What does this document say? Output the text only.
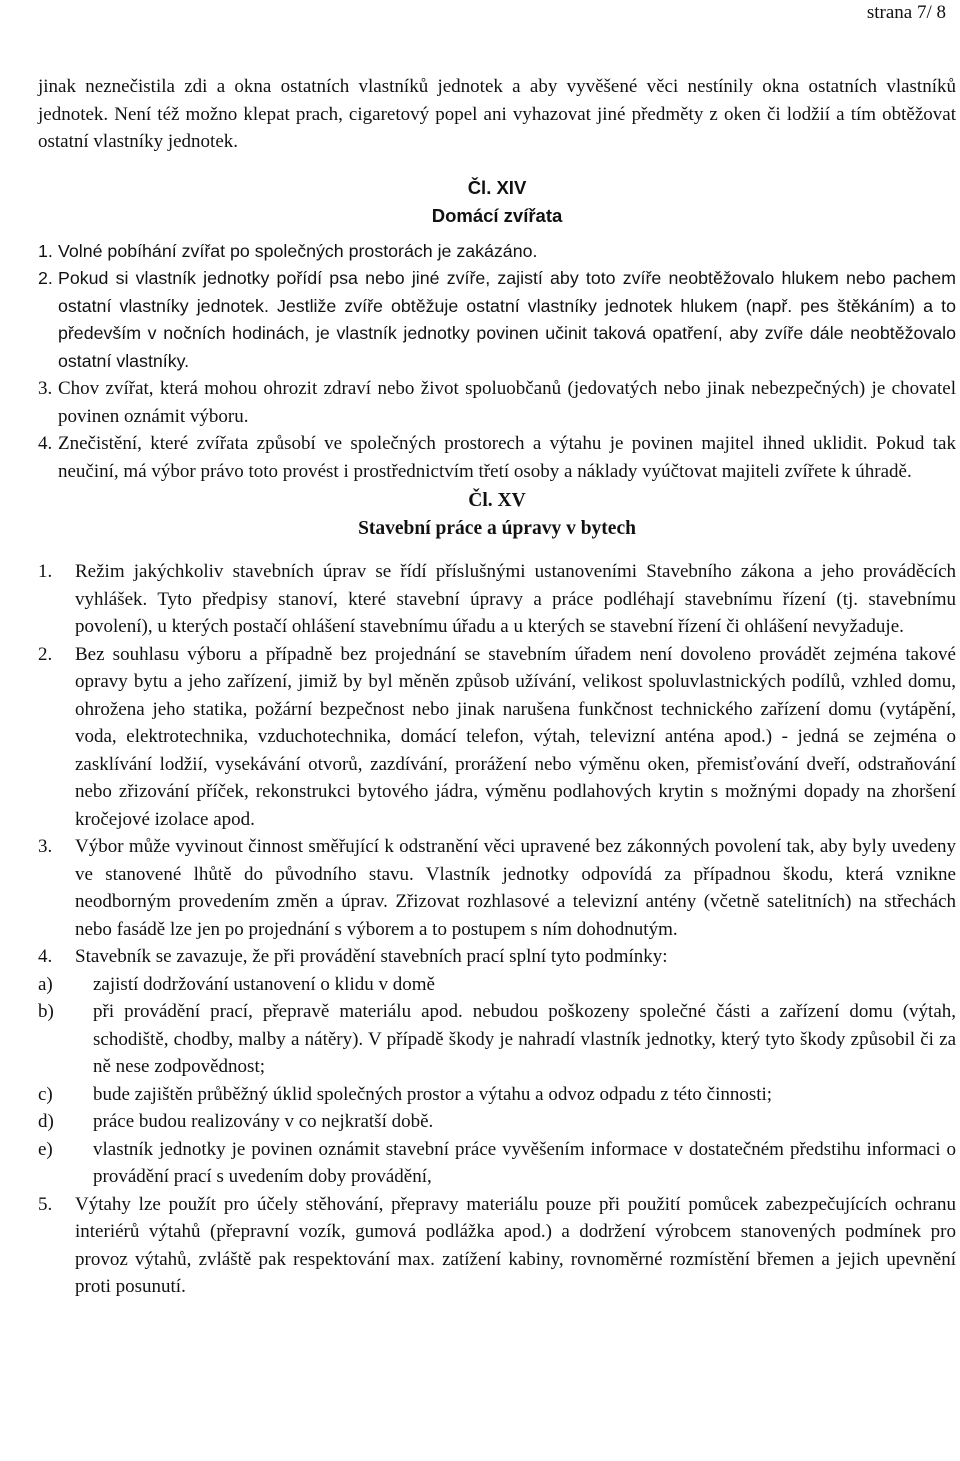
strana 7/ 8

jinak neznečistila zdi a okna ostatních vlastníků jednotek a aby vyvěšené věci nestínily okna ostatních vlastníků jednotek. Není též možno klepat prach, cigaretový popel ani vyhazovat jiné předměty z oken či lodžií a tím obtěžovat ostatní vlastníky jednotek.

Čl. XIV
Domácí zvířata
1. Volné pobíhání zvířat po společných prostorách je zakázáno.
2. Pokud si vlastník jednotky pořídí psa nebo jiné zvíře, zajistí aby toto zvíře neobtěžovalo hlukem nebo pachem ostatní vlastníky jednotek. Jestliže zvíře obtěžuje ostatní vlastníky jednotek hlukem (např. pes štěkáním) a to především v nočních hodinách, je vlastník jednotky povinen učinit taková opatření, aby zvíře dále neobtěžovalo ostatní vlastníky.
3. Chov zvířat, která mohou ohrozit zdraví nebo život spoluobčanů (jedovatých nebo jinak nebezpečných) je chovatel povinen oznámit výboru.
4. Znečistění, které zvířata způsobí ve společných prostorech a výtahu je povinen majitel ihned uklidit. Pokud tak neučiní, má výbor právo toto provést i prostřednictvím třetí osoby a náklady vyúčtovat majiteli zvířete k úhradě.
Čl. XV
Stavební práce a úpravy v bytech
1.	Režim jakýchkoliv stavebních úprav se řídí příslušnými ustanoveními Stavebního zákona a jeho prováděcích vyhlášek. Tyto předpisy stanoví, které stavební úpravy a práce podléhají stavebnímu řízení (tj. stavebnímu povolení), u kterých postačí ohlášení stavebnímu úřadu a u kterých se stavební řízení či ohlášení nevyžaduje.
2.	Bez souhlasu výboru a případně bez projednání se stavebním úřadem není dovoleno provádět zejména takové opravy bytu a jeho zařízení, jimiž by byl měněn způsob užívání, velikost spoluvlastnických podílů, vzhled domu, ohrožena jeho statika, požární bezpečnost nebo jinak narušena funkčnost technického zařízení domu (vytápění, voda, elektrotechnika, vzduchotechnika, domácí telefon, výtah, televizní anténa apod.) - jedná se zejména o zasklívání lodžií, vysekávání otvorů, zazdívání, prorážení nebo výměnu oken, přemisťování dveří, odstraňování nebo zřizování příček, rekonstrukci bytového jádra, výměnu podlahových krytin s možnými dopady na zhoršení kročejové izolace apod.
3.	Výbor může vyvinout činnost směřující k odstranění věci upravené bez zákonných povolení tak, aby byly uvedeny ve stanovené lhůtě do původního stavu. Vlastník jednotky odpovídá za případnou škodu, která vznikne neodborným provedením změn a úprav. Zřizovat rozhlasové a televizní antény (včetně satelitních) na střechách nebo fasádě lze jen po projednání s výborem a to postupem s ním dohodnutým.
4.	Stavebník se zavazuje, že při provádění stavebních prací splní tyto podmínky:
a)	zajistí dodržování ustanovení o klidu v domě
b)	při provádění prací, přepravě materiálu apod. nebudou poškozeny společné části a zařízení domu (výtah, schodiště, chodby, malby a nátěry). V případě škody je nahradí vlastník jednotky, který tyto škody způsobil či za ně nese zodpovědnost;
c)	bude zajištěn průběžný úklid společných prostor a výtahu a odvoz odpadu z této činnosti;
d)	práce budou realizovány v co nejkratší době.
e)	vlastník jednotky je povinen oznámit stavební práce vyvěšením informace v dostatečném předstihu informaci o provádění prací s uvedením doby provádění,
5.	Výtahy lze použít pro účely stěhování, přepravy materiálu pouze při použití pomůcek zabezpečujících ochranu interiérů výtahů (přepravní vozík, gumová podlážka apod.) a dodržení výrobcem stanovených podmínek pro provoz výtahů, zvláště pak respektování max. zatížení kabiny, rovnoměrné rozmístění břemen a jejich upevnění proti posunutí.
